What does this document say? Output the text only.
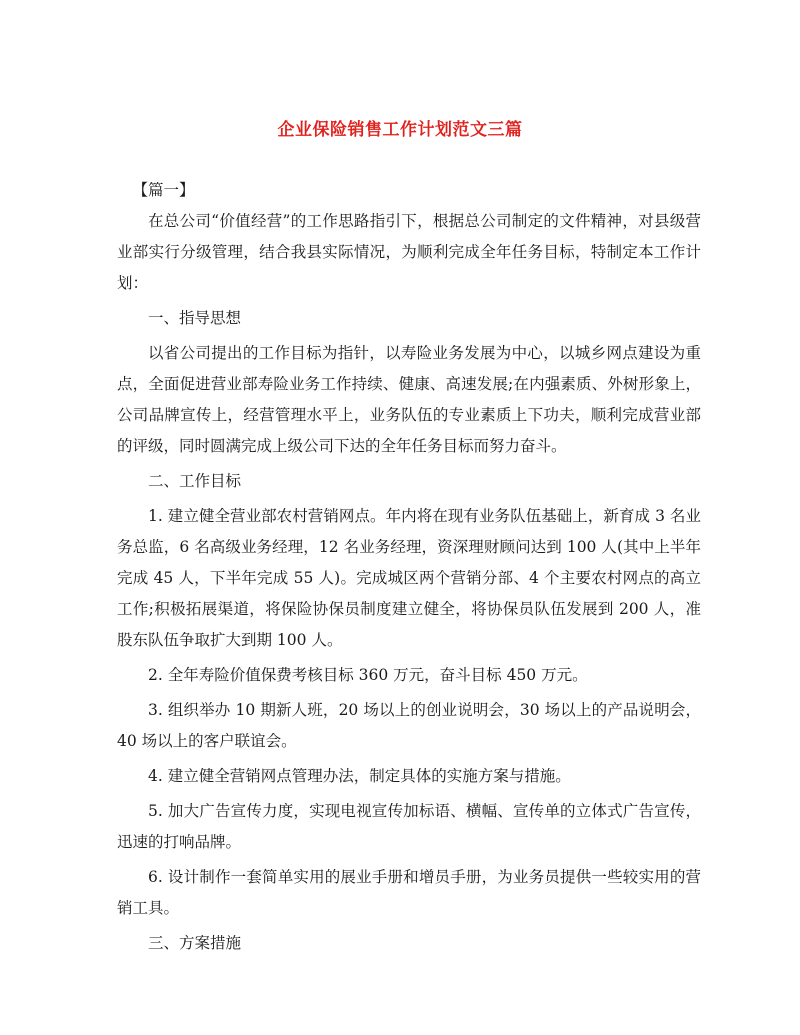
企业保险销售工作计划范文三篇

【篇一】

在总公司“价值经营”的工作思路指引下，根据总公司制定的文件精神，对县级营业部实行分级管理，结合我县实际情况，为顺利完成全年任务目标，特制定本工作计划：

一、指导思想

以省公司提出的工作目标为指针，以寿险业务发展为中心，以城乡网点建设为重点，全面促进营业部寿险业务工作持续、健康、高速发展;在内强素质、外树形象上，公司品牌宣传上，经营管理水平上，业务队伍的专业素质上下功夫，顺利完成营业部的评级，同时圆满完成上级公司下达的全年任务目标而努力奋斗。

二、工作目标

1. 建立健全营业部农村营销网点。年内将在现有业务队伍基础上，新育成 3 名业务总监，6 名高级业务经理，12 名业务经理，资深理财顾问达到 100 人(其中上半年完成 45 人，下半年完成 55 人)。完成城区两个营销分部、4 个主要农村网点的高立工作;积极拓展渠道，将保险协保员制度建立健全，将协保员队伍发展到 200 人，准股东队伍争取扩大到期 100 人。

2. 全年寿险价值保费考核目标 360 万元，奋斗目标 450 万元。

3. 组织举办 10 期新人班，20 场以上的创业说明会，30 场以上的产品说明会，40 场以上的客户联谊会。

4. 建立健全营销网点管理办法，制定具体的实施方案与措施。

5. 加大广告宣传力度，实现电视宣传加标语、横幅、宣传单的立体式广告宣传，迅速的打响品牌。

6. 设计制作一套简单实用的展业手册和增员手册，为业务员提供一些较实用的营销工具。

三、方案措施
